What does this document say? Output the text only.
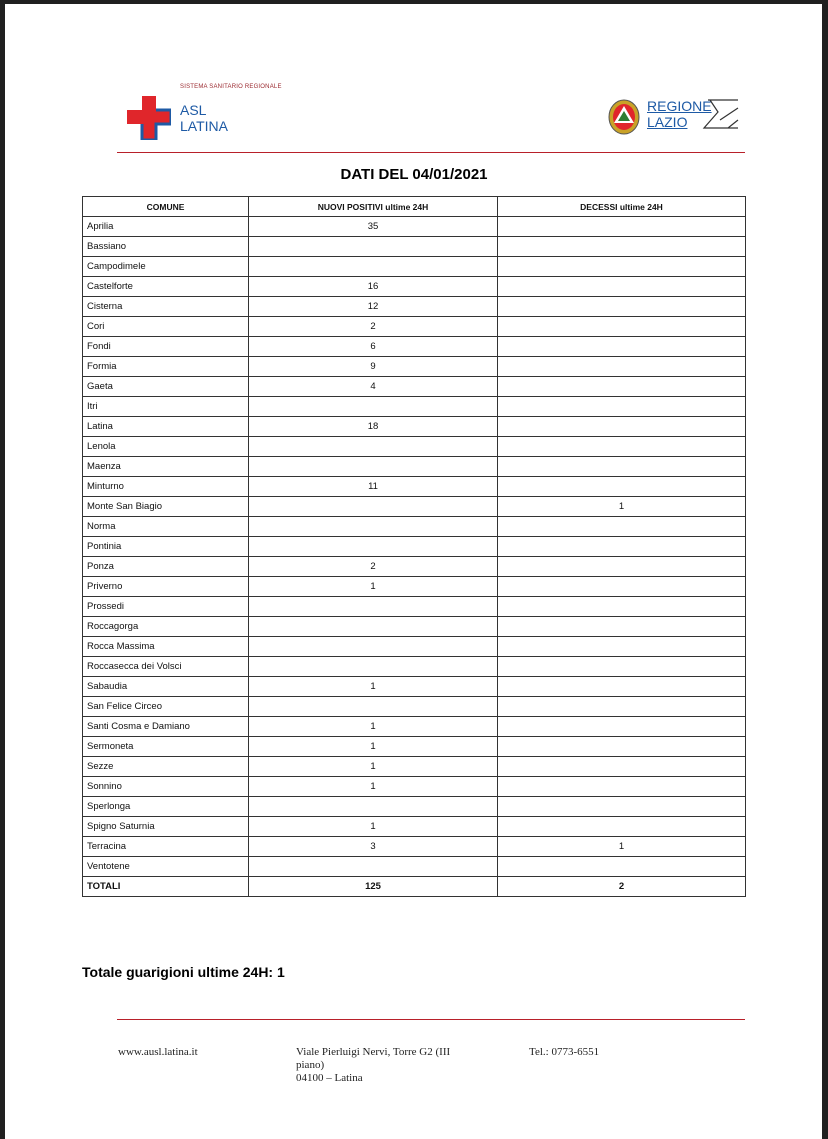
SISTEMA SANITARIO REGIONALE
ASL
LATINA
REGIONE
LAZIO
DATI DEL 04/01/2021
COMUNE	NUOVI POSITIVI ultime 24H	DECESSI ultime 24H
Aprilia	35	
Bassiano		
Campodimele		
Castelforte	16	
Cisterna	12	
Cori	2	
Fondi	6	
Formia	9	
Gaeta	4	
Itri		
Latina	18	
Lenola		
Maenza		
Minturno	11	
Monte San Biagio		1
Norma		
Pontinia		
Ponza	2	
Priverno	1	
Prossedi		
Roccagorga		
Rocca Massima		
Roccasecca dei Volsci		
Sabaudia	1	
San Felice Circeo		
Santi Cosma e Damiano	1	
Sermoneta	1	
Sezze	1	
Sonnino	1	
Sperlonga		
Spigno Saturnia	1	
Terracina	3	1
Ventotene		
TOTALI	125	2
Totale guarigioni ultime 24H: 1
www.ausl.latina.it	Viale Pierluigi Nervi, Torre G2 (III
piano)
04100 – Latina
Tel.: 0773-6551
